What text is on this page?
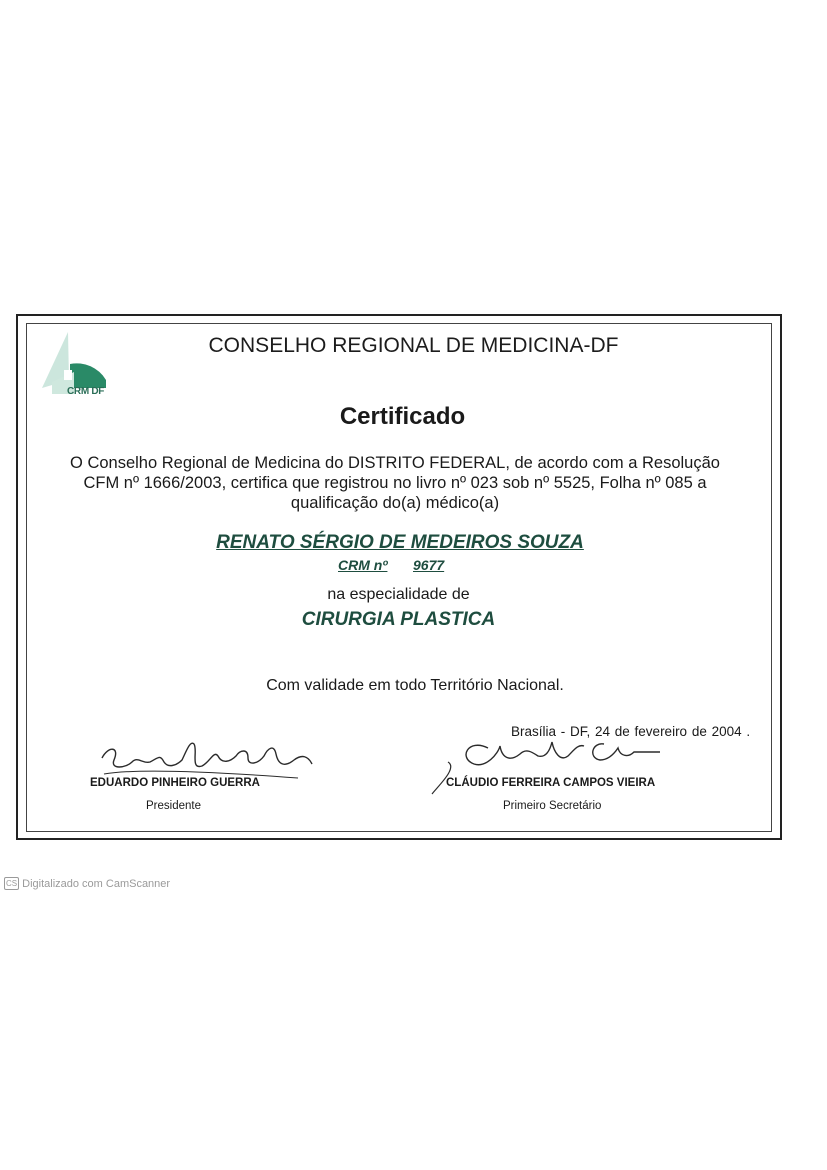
CRM DF
CONSELHO REGIONAL DE MEDICINA-DF
Certificado
O Conselho Regional de Medicina do DISTRITO FEDERAL, de acordo com a Resolução
CFM nº 1666/2003, certifica que registrou no livro nº 023 sob nº 5525, Folha nº 085 a
qualificação do(a) médico(a)
RENATO SÉRGIO DE MEDEIROS SOUZA
CRM nº 9677
na especialidade de
CIRURGIA PLASTICA
Com validade em todo Território Nacional.
Brasília - DF, 24 de fevereiro de 2004 .
EDUARDO PINHEIRO GUERRA	CLÁUDIO FERREIRA CAMPOS VIEIRA
Presidente	Primeiro Secretário
CS Digitalizado com CamScanner
